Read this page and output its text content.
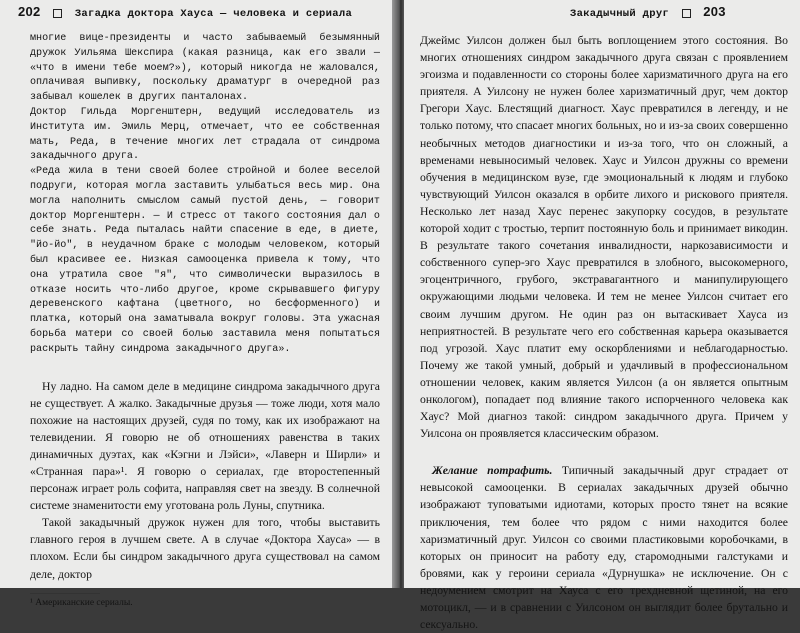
202	Загадка доктора Хауса — человека и сериала

многие вице-президенты и часто забываемый безымянный дружок Уильяма Шекспира (какая разница, как его звали — «что в имени тебе моем?»), который никогда не жаловался, оплачивая выпивку, поскольку драматург в очередной раз забывал кошелек в других панталонах.

Доктор Гильда Моргенштерн, ведущий исследователь из Института им. Эмиль Мерц, отмечает, что ее собственная мать, Реда, в течение многих лет страдала от синдрома закадычного друга.

«Реда жила в тени своей более стройной и более веселой подруги, которая могла заставить улыбаться весь мир. Она могла наполнить смыслом самый пустой день, — говорит доктор Моргенштерн. — И стресс от такого состояния дал о себе знать. Реда пыталась найти спасение в еде, в диете, "йо-йо", в неудачном браке с молодым человеком, который был красивее ее. Низкая самооценка привела к тому, что она утратила свое "я", что символически выразилось в отказе носить что-либо другое, кроме скрывавшего фигуру деревенского кафтана (цветного, но бесформенного) и платка, который она заматывала вокруг головы. Эта ужасная борьба матери со своей болью заставила меня попытаться раскрыть тайну синдрома закадычного друга».

Ну ладно. На самом деле в медицине синдрома закадычного друга не существует. А жалко. Закадычные друзья — тоже люди, хотя мало похожие на настоящих друзей, судя по тому, как их изображают на телевидении. Я говорю не об отношениях равенства в таких динамичных дуэтах, как «Кэгни и Лэйси», «Лаверн и Ширли» и «Странная пара»¹. Я говорю о сериалах, где второстепенный персонаж играет роль софита, направляя свет на звезду. В солнечной системе знаменитости ему уготована роль Луны, спутника.

Такой закадычный дружок нужен для того, чтобы выставить главного героя в лучшем свете. А в случае «Доктора Хауса» — в плохом. Если бы синдром закадычного друга существовал на самом деле, доктор

¹ Американские сериалы.
Закадычный друг	203

Джеймс Уилсон должен был быть воплощением этого состояния. Во многих отношениях синдром закадычного друга связан с проявлением эгоизма и подавленности со стороны более харизматичного друга на его приятеля. А Уилсону не нужен более харизматичный друг, чем доктор Грегори Хаус. Блестящий диагност. Хаус превратился в легенду, и не только потому, что спасает многих больных, но и из-за своих совершенно необычных методов диагностики и из-за того, что он сложный, а временами невыносимый человек. Хаус и Уилсон дружны со времени обучения в медицинском вузе, где эмоциональный к людям и глубоко чувствующий Уилсон оказался в орбите лихого и рискового приятеля. Несколько лет назад Хаус перенес закупорку сосудов, в результате которой ходит с тростью, терпит постоянную боль и принимает викодин. В результате такого сочетания инвалидности, наркозависимости и собственного супер-эго Хаус превратился в злобного, высокомерного, эгоцентричного, грубого, экстравагантного и манипулирующего окружающими людьми человека. И тем не менее Уилсон считает его своим лучшим другом. Не один раз он вытаскивает Хауса из неприятностей. В результате чего его собственная карьера оказывается под угрозой. Хаус платит ему оскорблениями и неблагодарностью. Почему же такой умный, добрый и удачливый в профессиональном отношении человек, каким является Уилсон (а он является опытным онкологом), попадает под влияние такого испорченного человека как Хаус? Мой диагноз такой: синдром закадычного друга. Причем у Уилсона он проявляется классическим образом.

Желание потрафить. Типичный закадычный друг страдает от невысокой самооценки. В сериалах закадычных друзей обычно изображают туповатыми идиотами, которых просто тянет на всякие приключения, тем более что рядом с ними находится более харизматичный друг. Уилсон со своими пластиковыми коробочками, в которых он приносит на работу еду, старомодными галстуками и бровями, как у героини сериала «Дурнушка» не исключение. Он с недоумением смотрит на Хауса с его трехдневной щетиной, на его мотоцикл, — и в сравнении с Уилсоном он выглядит более брутально и сексуально.
